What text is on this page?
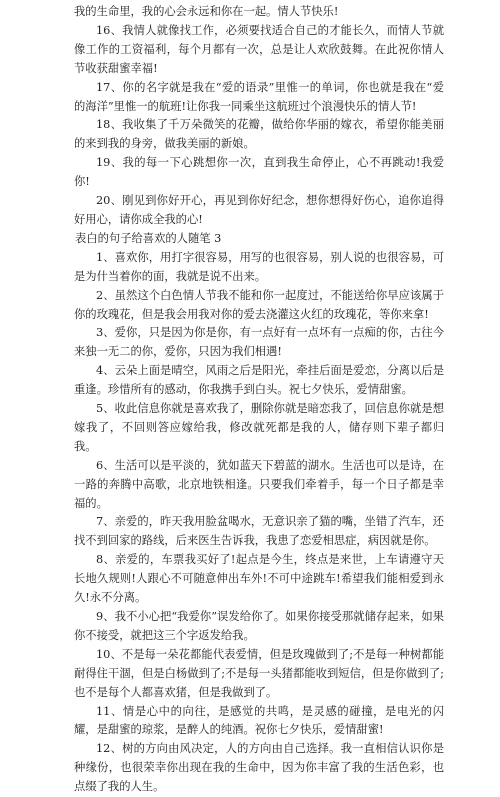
我的生命里，我的心会永远和你在一起。情人节快乐!

16、我情人就像找工作，必须要找适合自己的才能长久，而情人节就像工作的工资福利，每个月都有一次，总是让人欢欣鼓舞。在此祝你情人节收获甜蜜幸福!

17、你的名字就是我在“爱的语录”里惟一的单词，你也就是我在“爱的海洋”里惟一的航班!让你我一同乘坐这航班过个浪漫快乐的情人节!

18、我收集了千万朵微笑的花瓣，做给你华丽的嫁衣，希望你能美丽的来到我的身旁，做我美丽的新娘。

19、我的每一下心跳想你一次，直到我生命停止，心不再跳动!我爱你!

20、刚见到你好开心，再见到你好纪念，想你想得好伤心，追你追得好用心，请你成全我的心!

表白的句子给喜欢的人随笔 3

1、喜欢你，用打字很容易，用写的也很容易，别人说的也很容易，可是为什当着你的面，我就是说不出来。

2、虽然这个白色情人节我不能和你一起度过，不能送给你早应该属于你的玫瑰花，但是我会用我对你的爱去浇灌这火红的玫瑰花，等你来拿!

3、爱你，只是因为你是你，有一点好有一点坏有一点痴的你，古往今来独一无二的你，爱你，只因为我们相遇!

4、云朵上面是晴空，风雨之后是阳光，牵挂后面是爱恋，分离以后是重逢。珍惜所有的感动，你我携手到白头。祝七夕快乐，爱情甜蜜。

5、收此信息你就是喜欢我了，删除你就是暗恋我了，回信息你就是想嫁我了，不回则答应嫁给我，修改就死都是我的人，储存则下辈子都归我。

6、生活可以是平淡的，犹如蓝天下碧蓝的湖水。生活也可以是诗，在一路的奔腾中高歌，北京地铁相逢。只要我们牵着手，每一个日子都是幸福的。

7、亲爱的，昨天我用脸盆喝水，无意识亲了猫的嘴，坐错了汽车，还找不到回家的路线，后来医生告诉我，我患了恋爱相思症，病因就是你。

8、亲爱的，车票我买好了!起点是今生，终点是来世，上车请遵守天长地久规则!人跟心不可随意伸出车外!不可中途跳车!希望我们能相爱到永久!永不分离。

9、我不小心把“我爱你”误发给你了。如果你接受那就储存起来，如果你不接受，就把这三个字返发给我。

10、不是每一朵花都能代表爱情，但是玫瑰做到了;不是每一种树都能耐得住干涸，但是白杨做到了;不是每一头猪都能收到短信，但是你做到了;也不是每个人都喜欢猪，但是我做到了。

11、情是心中的向往，是感觉的共鸣，是灵感的碰撞，是电光的闪耀，是甜蜜的琼浆，是醉人的纯酒。祝你七夕快乐，爱情甜蜜!

12、树的方向由风决定，人的方向由自己选择。我一直相信认识你是种缘份，也很荣幸你出现在我的生命中，因为你丰富了我的生活色彩，也点缀了我的人生。
